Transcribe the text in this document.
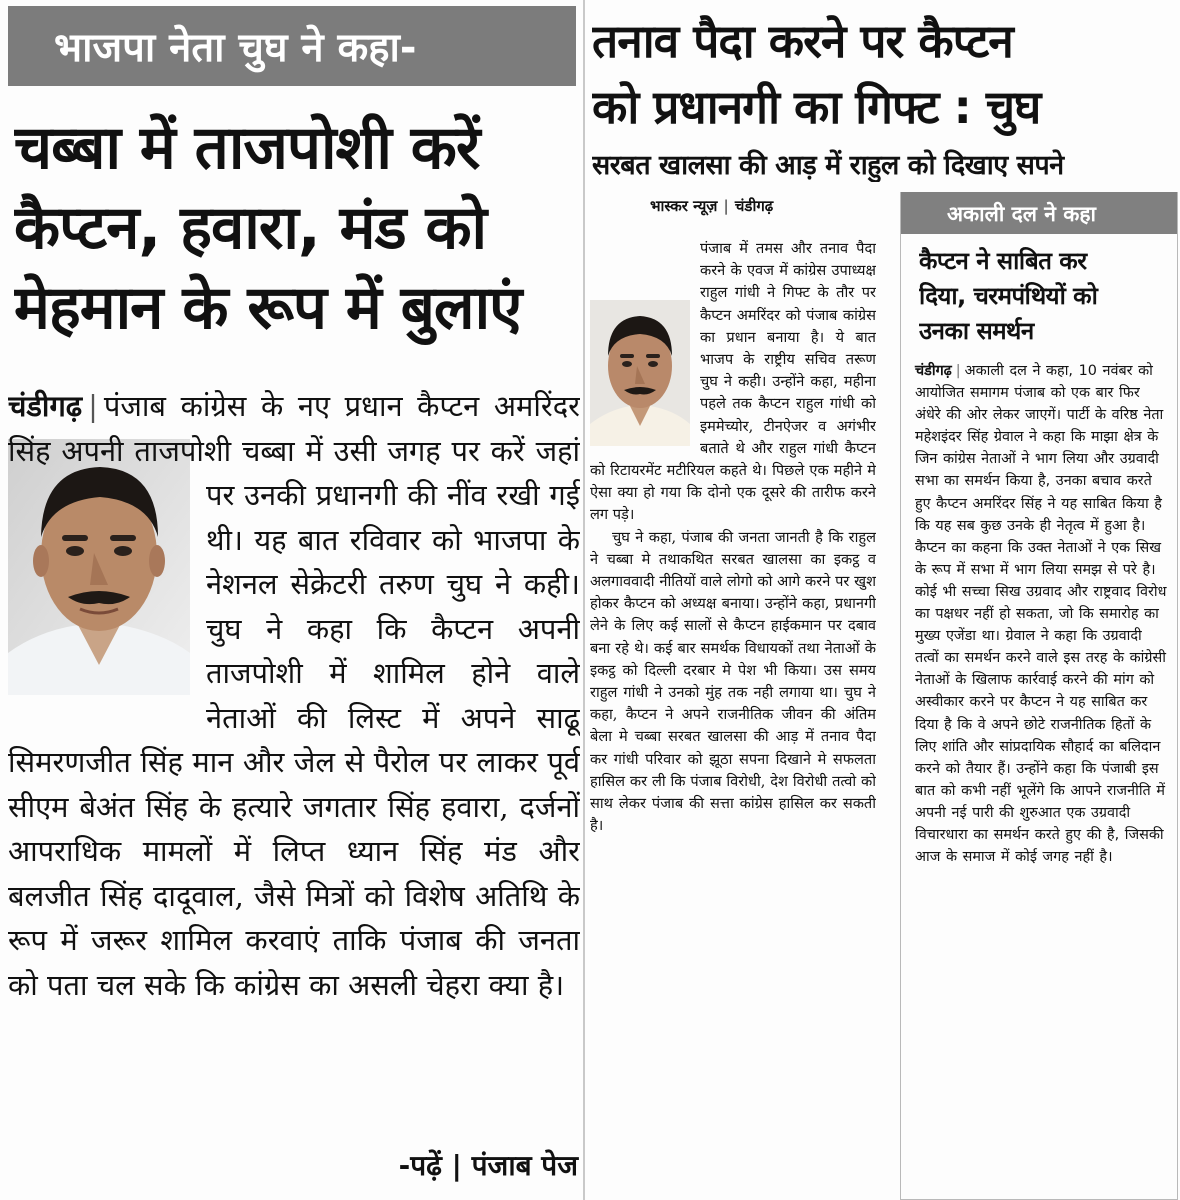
भाजपा नेता चुघ ने कहा-
चब्बा में ताजपोशी करें
कैप्टन, हवारा, मंड को
मेहमान के रूप में बुलाएं
चंडीगढ़ | पंजाब कांग्रेस के नए प्रधान कैप्टन अमरिंदर सिंह अपनी ताजपोशी चब्बा में उसी जगह पर करें जहां पर उनकी प्रधानगी की नींव रखी गई थी। यह बात रविवार को भाजपा के नेशनल सेक्रेटरी तरुण चुघ ने कही। चुघ ने कहा कि कैप्टन अपनी ताजपोशी में शामिल होने वाले नेताओं की लिस्ट में अपने साढू सिमरणजीत सिंह मान और जेल से पैरोल पर लाकर पूर्व सीएम बेअंत सिंह के हत्यारे जगतार सिंह हवारा, दर्जनों आपराधिक मामलों में लिप्त ध्यान सिंह मंड और बलजीत सिंह दादूवाल, जैसे मित्रों को विशेष अतिथि के रूप में जरूर शामिल करवाएं ताकि पंजाब की जनता को पता चल सके कि कांग्रेस का असली चेहरा क्या है।
-पढ़ें | पंजाब पेज
तनाव पैदा करने पर कैप्टन
को प्रधानगी का गिफ्ट : चुघ
सरबत खालसा की आड़ में राहुल को दिखाए सपने
भास्कर न्यूज़ | चंडीगढ़

पंजाब में तमस और तनाव पैदा करने के एवज में कांग्रेस उपाध्यक्ष राहुल गांधी ने गिफ्ट के तौर पर कैप्टन अमरिंदर को पंजाब कांग्रेस का प्रधान बनाया है। ये बात भाजप के राष्ट्रीय सचिव तरूण चुघ ने कही। उन्होंने कहा, महीना पहले तक कैप्टन राहुल गांधी को इममेच्योर, टीनऐजर व अगंभीर बताते थे और राहुल गांधी कैप्टन को रिटायरमेंट मटीरियल कहते थे। पिछले एक महीने मे ऐसा क्या हो गया कि दोनो एक दूसरे की तारीफ करने लग पड़े।

चुघ ने कहा, पंजाब की जनता जानती है कि राहुल ने चब्बा मे तथाकथित सरबत खालसा का इकट्ठ व अलगाववादी नीतियों वाले लोगो को आगे करने पर खुश होकर कैप्टन को अध्यक्ष बनाया। उन्होंने कहा, प्रधानगी लेने के लिए कई सालों से कैप्टन हाईकमान पर दबाव बना रहे थे। कई बार समर्थक विधायकों तथा नेताओं के इकट्ठ को दिल्ली दरबार मे पेश भी किया। उस समय राहुल गांधी ने उनको मुंह तक नही लगाया था। चुघ ने कहा, कैप्टन ने अपने राजनीतिक जीवन की अंतिम बेला मे चब्बा सरबत खालसा की आड़ में तनाव पैदा कर गांधी परिवार को झूठा सपना दिखाने मे सफलता हासिल कर ली कि पंजाब विरोधी, देश विरोधी तत्वो को साथ लेकर पंजाब की सत्ता कांग्रेस हासिल कर सकती है।

अकाली दल ने कहा
कैप्टन ने साबित कर
दिया, चरमपंथियों को
उनका समर्थन

चंडीगढ़ | अकाली दल ने कहा, 10 नवंबर को आयोजित समागम पंजाब को एक बार फिर अंधेरे की ओर लेकर जाएगें। पार्टी के वरिष्ठ नेता महेशइंदर सिंह ग्रेवाल ने कहा कि माझा क्षेत्र के जिन कांग्रेस नेताओं ने भाग लिया और उग्रवादी सभा का समर्थन किया है, उनका बचाव करते हुए कैप्टन अमरिंदर सिंह ने यह साबित किया है कि यह सब कुछ उनके ही नेतृत्व में हुआ है। कैप्टन का कहना कि उक्त नेताओं ने एक सिख के रूप में सभा में भाग लिया समझ से परे है। कोई भी सच्चा सिख उग्रवाद और राष्ट्रवाद विरोध का पक्षधर नहीं हो सकता, जो कि समारोह का मुख्य एजेंडा था। ग्रेवाल ने कहा कि उग्रवादी तत्वों का समर्थन करने वाले इस तरह के कांग्रेसी नेताओं के खिलाफ कार्रवाई करने की मांग को अस्वीकार करने पर कैप्टन ने यह साबित कर दिया है कि वे अपने छोटे राजनीतिक हितों के लिए शांति और सांप्रदायिक सौहार्द का बलिदान करने को तैयार हैं। उन्होंने कहा कि पंजाबी इस बात को कभी नहीं भूलेंगे कि आपने राजनीति में अपनी नई पारी की शुरुआत एक उग्रवादी विचारधारा का समर्थन करते हुए की है, जिसकी आज के समाज में कोई जगह नहीं है।
